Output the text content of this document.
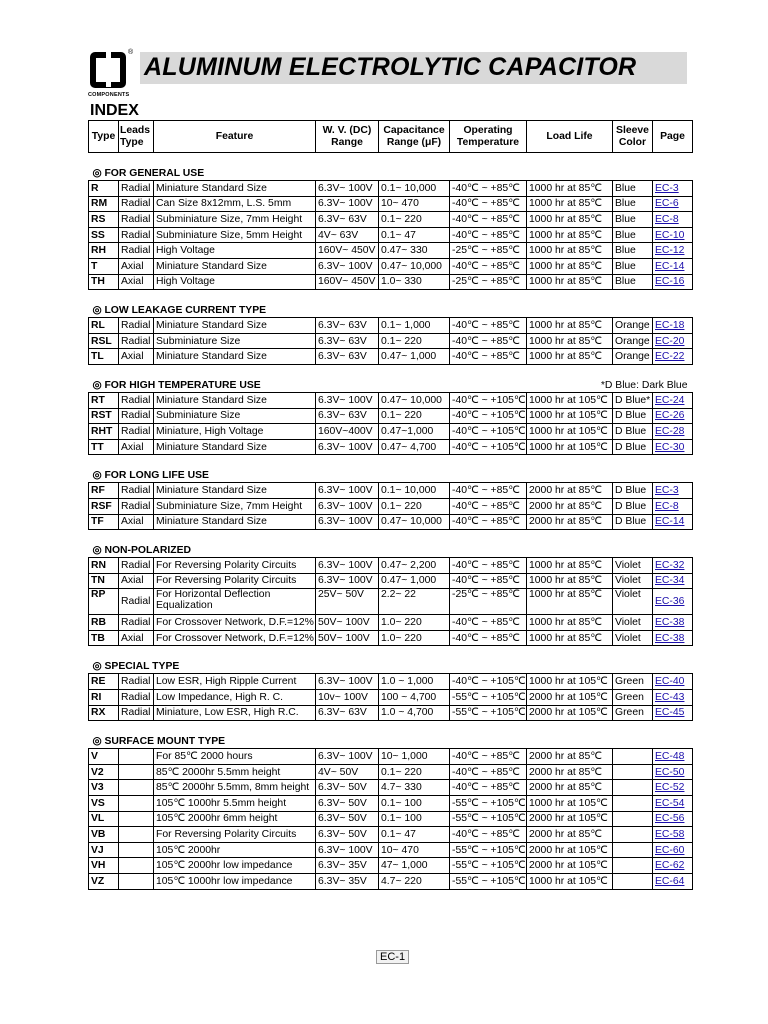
®
COMPONENTS
ALUMINUM ELECTROLYTIC CAPACITOR
INDEX
Type	Leads Type	Feature	W. V. (DC) Range	Capacitance Range (μF)	Operating Temperature	Load Life	Sleeve Color	Page

◎ FOR GENERAL USE								
R	Radial	Miniature Standard Size	6.3V~ 100V	0.1~ 10,000	-40℃ ~ +85℃	1000 hr at 85℃	Blue	EC-3
RM	Radial	Can Size 8x12mm, L.S. 5mm	6.3V~ 100V	10~ 470	-40℃ ~ +85℃	1000 hr at 85℃	Blue	EC-6
RS	Radial	Subminiature Size, 7mm Height	6.3V~ 63V	0.1~ 220	-40℃ ~ +85℃	1000 hr at 85℃	Blue	EC-8
SS	Radial	Subminiature Size, 5mm Height	4V~ 63V	0.1~ 47	-40℃ ~ +85℃	1000 hr at 85℃	Blue	EC-10
RH	Radial	High Voltage	160V~ 450V	0.47~ 330	-25℃ ~ +85℃	1000 hr at 85℃	Blue	EC-12
T	Axial	Miniature Standard Size	6.3V~ 100V	0.47~ 10,000	-40℃ ~ +85℃	1000 hr at 85℃	Blue	EC-14
TH	Axial	High Voltage	160V~ 450V	1.0~ 330	-25℃ ~ +85℃	1000 hr at 85℃	Blue	EC-16

◎ LOW LEAKAGE CURRENT TYPE								
RL	Radial	Miniature Standard Size	6.3V~ 63V	0.1~ 1,000	-40℃ ~ +85℃	1000 hr at 85℃	Orange	EC-18
RSL	Radial	Subminiature Size	6.3V~ 63V	0.1~ 220	-40℃ ~ +85℃	1000 hr at 85℃	Orange	EC-20
TL	Axial	Miniature Standard Size	6.3V~ 63V	0.47~ 1,000	-40℃ ~ +85℃	1000 hr at 85℃	Orange	EC-22

◎ FOR HIGH TEMPERATURE USE *D Blue: Dark Blue								

RT	Radial	Miniature Standard Size	6.3V~ 100V	0.47~ 10,000	-40℃ ~ +105℃	1000 hr at 105℃	D Blue*	EC-24
RST	Radial	Subminiature Size	6.3V~ 63V	0.1~ 220	-40℃ ~ +105℃	1000 hr at 105℃	D Blue	EC-26
RHT	Radial	Miniature, High Voltage	160V~400V	0.47~1,000	-40℃ ~ +105℃	1000 hr at 105℃	D Blue	EC-28
TT	Axial	Miniature Standard Size	6.3V~ 100V	0.47~ 4,700	-40℃ ~ +105℃	1000 hr at 105℃	D Blue	EC-30

◎ FOR LONG LIFE USE								
RF	Radial	Miniature Standard Size	6.3V~ 100V	0.1~ 10,000	-40℃ ~ +85℃	2000 hr at 85℃	D Blue	EC-3
RSF	Radial	Subminiature Size, 7mm Height	6.3V~ 100V	0.1~ 220	-40℃ ~ +85℃	2000 hr at 85℃	D Blue	EC-8
TF	Axial	Miniature Standard Size	6.3V~ 100V	0.47~ 10,000	-40℃ ~ +85℃	2000 hr at 85℃	D Blue	EC-14

◎ NON-POLARIZED								
RN	Radial	For Reversing Polarity Circuits	6.3V~ 100V	0.47~ 2,200	-40℃ ~ +85℃	1000 hr at 85℃	Violet	EC-32
TN	Axial	For Reversing Polarity Circuits	6.3V~ 100V	0.47~ 1,000	-40℃ ~ +85℃	1000 hr at 85℃	Violet	EC-34
RP	Radial	For Horizontal Deflection Equalization	25V~ 50V	2.2~ 22	-25℃ ~ +85℃	1000 hr at 85℃	Violet	EC-36
RB	Radial	For Crossover Network, D.F.=12%	50V~ 100V	1.0~ 220	-40℃ ~ +85℃	1000 hr at 85℃	Violet	EC-38
TB	Axial	For Crossover Network, D.F.=12%	50V~ 100V	1.0~ 220	-40℃ ~ +85℃	1000 hr at 85℃	Violet	EC-38

◎ SPECIAL TYPE								
RE	Radial	Low ESR, High Ripple Current	6.3V~ 100V	1.0 ~ 1,000	-40℃ ~ +105℃	1000 hr at 105℃	Green	EC-40
RI	Radial	Low Impedance, High R. C.	10v~ 100V	100 ~ 4,700	-55℃ ~ +105℃	2000 hr at 105℃	Green	EC-43
RX	Radial	Miniature, Low ESR, High R.C.	6.3V~ 63V	1.0 ~ 4,700	-55℃ ~ +105℃	2000 hr at 105℃	Green	EC-45

◎ SURFACE MOUNT TYPE								
V		For 85℃ 2000 hours	6.3V~ 100V	10~ 1,000	-40℃ ~ +85℃	2000 hr at 85℃		EC-48
V2		85℃ 2000hr 5.5mm height	4V~ 50V	0.1~ 220	-40℃ ~ +85℃	2000 hr at 85℃		EC-50
V3		85℃ 2000hr 5.5mm, 8mm height	6.3V~ 50V	4.7~ 330	-40℃ ~ +85℃	2000 hr at 85℃		EC-52
VS		105℃ 1000hr 5.5mm height	6.3V~ 50V	0.1~ 100	-55℃ ~ +105℃	1000 hr at 105℃		EC-54
VL		105℃ 2000hr 6mm height	6.3V~ 50V	0.1~ 100	-55℃ ~ +105℃	2000 hr at 105℃		EC-56
VB		For Reversing Polarity Circuits	6.3V~ 50V	0.1~ 47	-40℃ ~ +85℃	2000 hr at 85℃		EC-58
VJ		105℃ 2000hr	6.3V~ 100V	10~ 470	-55℃ ~ +105℃	2000 hr at 105℃		EC-60
VH		105℃ 2000hr low impedance	6.3V~ 35V	47~ 1,000	-55℃ ~ +105℃	2000 hr at 105℃		EC-62
VZ		105℃ 1000hr low impedance	6.3V~ 35V	4.7~ 220	-55℃ ~ +105℃	1000 hr at 105℃		EC-64
EC-1
